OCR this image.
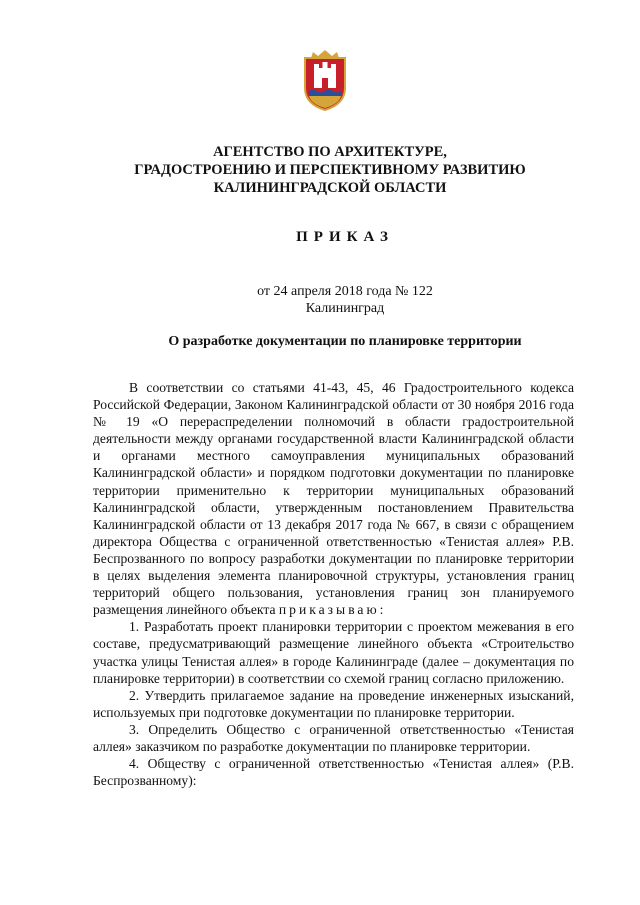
АГЕНТСТВО ПО АРХИТЕКТУРЕ,
ГРАДОСТРОЕНИЮ И ПЕРСПЕКТИВНОМУ РАЗВИТИЮ
КАЛИНИНГРАДСКОЙ ОБЛАСТИ
ПРИКАЗ
от 24 апреля 2018 года № 122
Калининград
О разработке документации по планировке территории

В соответствии со статьями 41-43, 45, 46 Градостроительного кодекса Российской Федерации, Законом Калининградской области от 30 ноября 2016 года № 19 «О перераспределении полномочий в области градостроительной деятельности между органами государственной власти Калининградской области и органами местного самоуправления муниципальных образований Калининградской области» и порядком подготовки документации по планировке территории применительно к территории муниципальных образований Калининградской области, утвержденным постановлением Правительства Калининградской области от 13 декабря 2017 года № 667, в связи с обращением директора Общества с ограниченной ответственностью «Тенистая аллея» Р.В. Беспрозванного по вопросу разработки документации по планировке территории в целях выделения элемента планировочной структуры, установления границ территорий общего пользования, установления границ зон планируемого размещения линейного объекта приказываю:

1. Разработать проект планировки территории с проектом межевания в его составе, предусматривающий размещение линейного объекта «Строительство участка улицы Тенистая аллея» в городе Калининграде (далее – документация по планировке территории) в соответствии со схемой границ согласно приложению.

2. Утвердить прилагаемое задание на проведение инженерных изысканий, используемых при подготовке документации по планировке территории.

3. Определить Общество с ограниченной ответственностью «Тенистая аллея» заказчиком по разработке документации по планировке территории.

4. Обществу с ограниченной ответственностью «Тенистая аллея» (Р.В. Беспрозванному):
